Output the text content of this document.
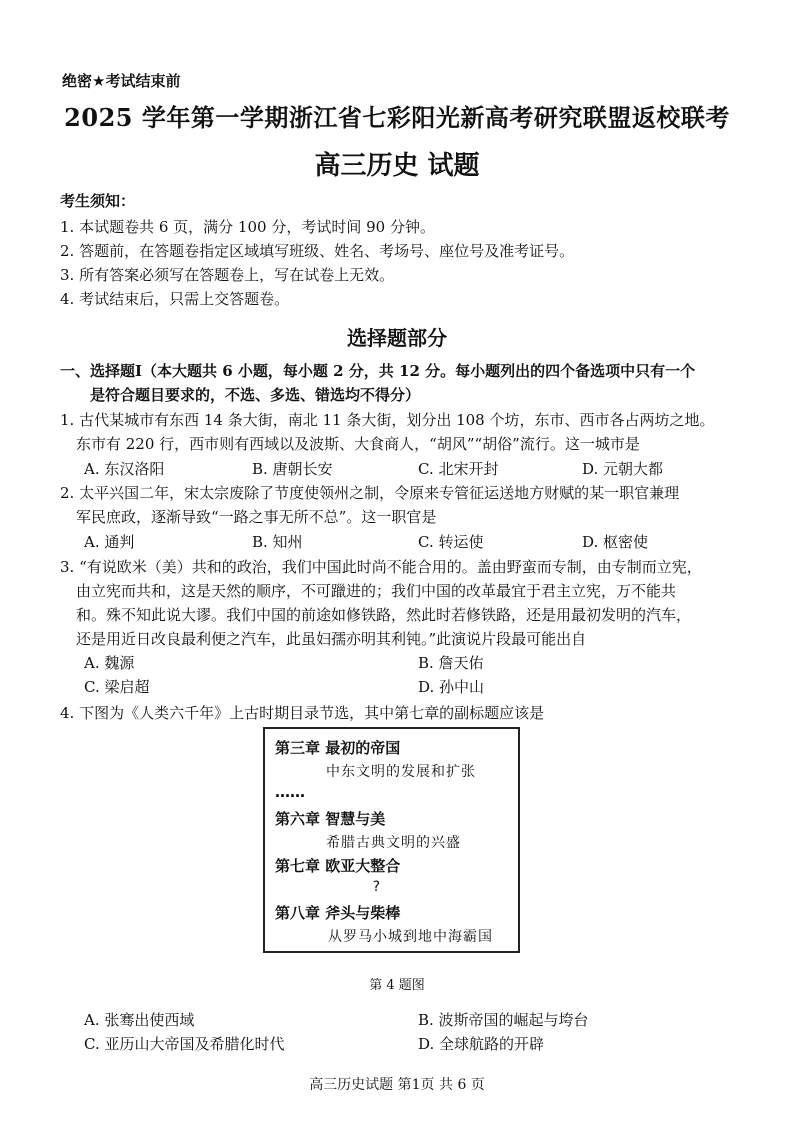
绝密★考试结束前
2025 学年第一学期浙江省七彩阳光新高考研究联盟返校联考
高三历史 试题
考生须知：
1. 本试题卷共 6 页，满分 100 分，考试时间 90 分钟。
2. 答题前，在答题卷指定区域填写班级、姓名、考场号、座位号及准考证号。
3. 所有答案必须写在答题卷上，写在试卷上无效。
4. 考试结束后，只需上交答题卷。
选择题部分
一、选择题Ⅰ（本大题共 6 小题，每小题 2 分，共 12 分。每小题列出的四个备选项中只有一个
是符合题目要求的，不选、多选、错选均不得分）
1. 古代某城市有东西 14 条大街，南北 11 条大街，划分出 108 个坊，东市、西市各占两坊之地。
东市有 220 行，西市则有西域以及波斯、大食商人，“胡风”“胡俗”流行。这一城市是
A. 东汉洛阳	B. 唐朝长安	C. 北宋开封	D. 元朝大都
2. 太平兴国二年，宋太宗废除了节度使领州之制，令原来专管征运送地方财赋的某一职官兼理
军民庶政，逐渐导致“一路之事无所不总”。这一职官是
A. 通判	B. 知州	C. 转运使	D. 枢密使
3. “有说欧米（美）共和的政治，我们中国此时尚不能合用的。盖由野蛮而专制，由专制而立宪，
由立宪而共和，这是天然的顺序，不可躐进的；我们中国的改革最宜于君主立宪，万不能共
和。殊不知此说大谬。我们中国的前途如修铁路，然此时若修铁路，还是用最初发明的汽车，
还是用近日改良最利便之汽车，此虽妇孺亦明其利钝。”此演说片段最可能出自
A. 魏源	B. 詹天佑
C. 梁启超	D. 孙中山
4. 下图为《人类六千年》上古时期目录节选，其中第七章的副标题应该是
第三章 最初的帝国
中东文明的发展和扩张
……
第六章 智慧与美
希腊古典文明的兴盛
第七章 欧亚大整合
?
第八章 斧头与柴棒
从罗马小城到地中海霸国
第 4 题图
A. 张骞出使西域	B. 波斯帝国的崛起与垮台
C. 亚历山大帝国及希腊化时代	D. 全球航路的开辟
高三历史试题 第1页 共 6 页
